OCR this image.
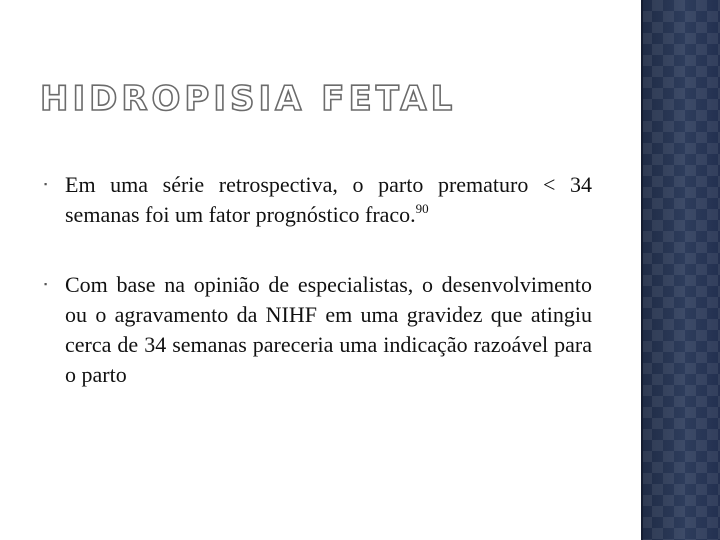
HIDROPISIA FETAL
▪ Em uma série retrospectiva, o parto prematuro < 34 semanas foi um fator prognóstico fraco.$^{90}$
▪ Com base na opinião de especialistas, o desenvolvimento ou o agravamento da NIHF em uma gravidez que atingiu cerca de 34 semanas pareceria uma indicação razoável para o parto
